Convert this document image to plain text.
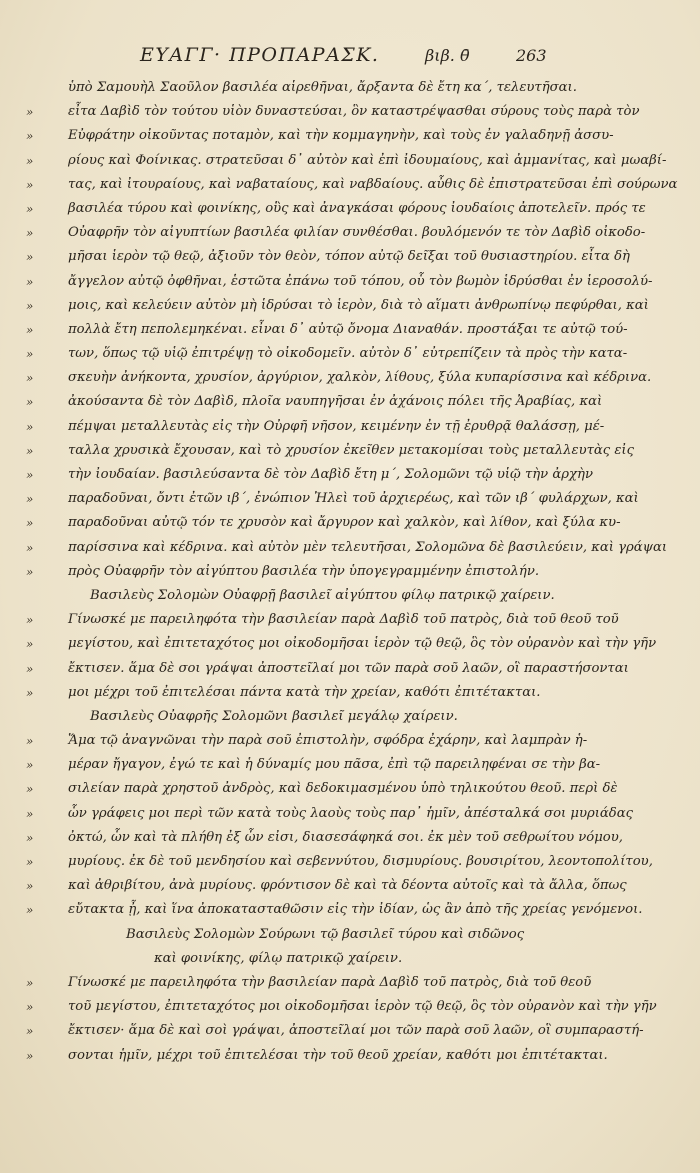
ΕΥΑΓΓ· ΠΡΟΠΑΡΑΣΚ.	βιβ. θ̄	263
ὑπὸ Σαμουὴλ Σαοῦλον βασιλέα αἱρεθῆναι, ἄρξαντα δὲ ἔτη κα΄, τελευτῆσαι.
»	εἶτα Δαβὶδ τὸν τούτου υἱὸν δυναστεύσαι, ὃν καταστρέψασθαι σύρους τοὺς παρὰ τὸν
»	Εὐφράτην οἰκοῦντας ποταμὸν, καὶ τὴν κομμαγηνὴν, καὶ τοὺς ἐν γαλαδηνῇ ἀσσυ-
»	ρίους καὶ Φοίνικας. στρατεῦσαι δ᾽ αὐτὸν καὶ ἐπὶ ἰδουμαίους, καὶ ἀμμανίτας, καὶ μωαβί-
»	τας, καὶ ἰτουραίους, καὶ ναβαταίους, καὶ ναβδαίους. αὖθις δὲ ἐπιστρατεῦσαι ἐπὶ σούρωνα
»	βασιλέα τύρου καὶ φοινίκης, οὓς καὶ ἀναγκάσαι φόρους ἰουδαίοις ἀποτελεῖν. πρός τε
»	Οὐαφρῆν τὸν αἰγυπτίων βασιλέα φιλίαν συνθέσθαι. βουλόμενόν τε τὸν Δαβὶδ οἰκοδο-
»	μῆσαι ἱερὸν τῷ θεῷ, ἀξιοῦν τὸν θεὸν, τόπον αὐτῷ δεῖξαι τοῦ θυσιαστηρίου. εἶτα δὴ
»	ἄγγελον αὐτῷ ὀφθῆναι, ἑστῶτα ἐπάνω τοῦ τόπου, οὗ τὸν βωμὸν ἱδρύσθαι ἐν ἱεροσολύ-
»	μοις, καὶ κελεύειν αὐτὸν μὴ ἱδρύσαι τὸ ἱερὸν, διὰ τὸ αἵματι ἀνθρωπίνῳ πεφύρθαι, καὶ
»	πολλὰ ἔτη πεπολεμηκέναι. εἶναι δ᾽ αὐτῷ ὄνομα Διαναθάν. προστάξαι τε αὐτῷ τού-
»	των, ὅπως τῷ υἱῷ ἐπιτρέψῃ τὸ οἰκοδομεῖν. αὐτὸν δ᾽ εὐτρεπίζειν τὰ πρὸς τὴν κατα-
»	σκευὴν ἀνήκοντα, χρυσίον, ἀργύριον, χαλκὸν, λίθους, ξύλα κυπαρίσσινα καὶ κέδρινα.
»	ἀκούσαντα δὲ τὸν Δαβὶδ, πλοῖα ναυπηγῆσαι ἐν ἀχάνοις πόλει τῆς Ἀραβίας, καὶ
»	πέμψαι μεταλλευτὰς εἰς τὴν Οὐρφῆ νῆσον, κειμένην ἐν τῇ ἐρυθρᾷ θαλάσσῃ, μέ-
»	ταλλα χρυσικὰ ἔχουσαν, καὶ τὸ χρυσίον ἐκεῖθεν μετακομίσαι τοὺς μεταλλευτὰς εἰς
»	τὴν ἰουδαίαν. βασιλεύσαντα δὲ τὸν Δαβὶδ ἔτη μ΄, Σολομῶνι τῷ υἱῷ τὴν ἀρχὴν
»	παραδοῦναι, ὄντι ἐτῶν ιβ΄, ἐνώπιον Ἠλεὶ τοῦ ἀρχιερέως, καὶ τῶν ιβ΄ φυλάρχων, καὶ
»	παραδοῦναι αὐτῷ τόν τε χρυσὸν καὶ ἄργυρον καὶ χαλκὸν, καὶ λίθον, καὶ ξύλα κυ-
»	παρίσσινα καὶ κέδρινα. καὶ αὐτὸν μὲν τελευτῆσαι, Σολομῶνα δὲ βασιλεύειν, καὶ γράψαι
»	πρὸς Οὐαφρῆν τὸν αἰγύπτου βασιλέα τὴν ὑπογεγραμμένην ἐπιστολήν.
Βασιλεὺς Σολομὼν Οὐαφρῇ βασιλεῖ αἰγύπτου φίλῳ πατρικῷ χαίρειν.
»	Γίνωσκέ με παρειληφότα τὴν βασιλείαν παρὰ Δαβὶδ τοῦ πατρὸς, διὰ τοῦ θεοῦ τοῦ
»	μεγίστου, καὶ ἐπιτεταχότος μοι οἰκοδομῆσαι ἱερὸν τῷ θεῷ, ὃς τὸν οὐρανὸν καὶ τὴν γῆν
»	ἔκτισεν. ἅμα δὲ σοι γράψαι ἀποστεῖλαί μοι τῶν παρὰ σοῦ λαῶν, οἳ παραστήσονται
»	μοι μέχρι τοῦ ἐπιτελέσαι πάντα κατὰ τὴν χρείαν, καθότι ἐπιτέτακται.
Βασιλεὺς Οὐαφρῆς Σολομῶνι βασιλεῖ μεγάλῳ χαίρειν.
»	Ἅμα τῷ ἀναγνῶναι τὴν παρὰ σοῦ ἐπιστολὴν, σφόδρα ἐχάρην, καὶ λαμπρὰν ἡ-
»	μέραν ἤγαγον, ἐγώ τε καὶ ἡ δύναμίς μου πᾶσα, ἐπὶ τῷ παρειληφέναι σε τὴν βα-
»	σιλείαν παρὰ χρηστοῦ ἀνδρὸς, καὶ δεδοκιμασμένου ὑπὸ τηλικούτου θεοῦ. περὶ δὲ
»	ὧν γράφεις μοι περὶ τῶν κατὰ τοὺς λαοὺς τοὺς παρ᾽ ἡμῖν, ἀπέσταλκά σοι μυριάδας
»	ὀκτώ, ὧν καὶ τὰ πλήθη ἐξ ὧν εἰσι, διασεσάφηκά σοι. ἐκ μὲν τοῦ σεθρωίτου νόμου,
»	μυρίους. ἐκ δὲ τοῦ μενδησίου καὶ σεβεννύτου, δισμυρίους. βουσιρίτου, λεοντοπολίτου,
»	καὶ ἀθριβίτου, ἀνὰ μυρίους. φρόντισον δὲ καὶ τὰ δέοντα αὐτοῖς καὶ τὰ ἄλλα, ὅπως
»	εὔτακτα ᾖ, καὶ ἵνα ἀποκατασταθῶσιν εἰς τὴν ἰδίαν, ὡς ἂν ἀπὸ τῆς χρείας γενόμενοι.
Βασιλεὺς Σολομὼν Σούρωνι τῷ βασιλεῖ τύρου καὶ σιδῶνος
καὶ φοινίκης, φίλῳ πατρικῷ χαίρειν.
»	Γίνωσκέ με παρειληφότα τὴν βασιλείαν παρὰ Δαβὶδ τοῦ πατρὸς, διὰ τοῦ θεοῦ
»	τοῦ μεγίστου, ἐπιτεταχότος μοι οἰκοδομῆσαι ἱερὸν τῷ θεῷ, ὃς τὸν οὐρανὸν καὶ τὴν γῆν
»	ἔκτισεν· ἅμα δὲ καὶ σοὶ γράψαι, ἀποστεῖλαί μοι τῶν παρὰ σοῦ λαῶν, οἳ συμπαραστή-
»	σονται ἡμῖν, μέχρι τοῦ ἐπιτελέσαι τὴν τοῦ θεοῦ χρείαν, καθότι μοι ἐπιτέτακται.
